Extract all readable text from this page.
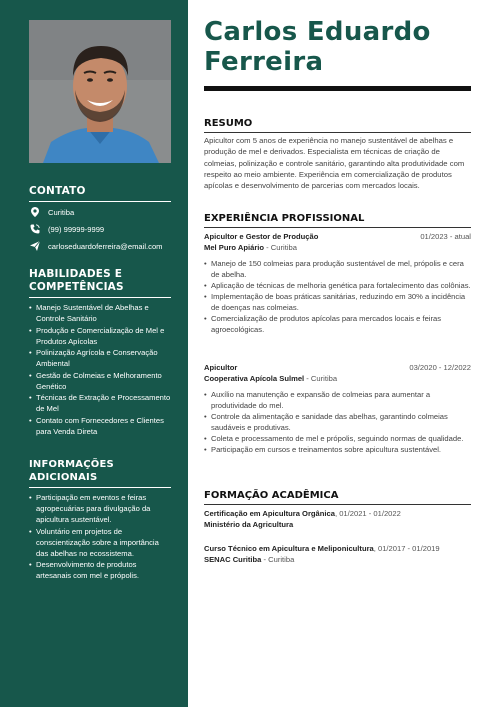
CONTATO
Curitiba
(99) 99999-9999
carloseduardoferreira@email.com
HABILIDADES E
COMPETÊNCIAS
• Manejo Sustentável de Abelhas e Controle Sanitário
• Produção e Comercialização de Mel e Produtos Apícolas
• Polinização Agrícola e Conservação Ambiental
• Gestão de Colmeias e Melhoramento Genético
• Técnicas de Extração e Processamento de Mel
• Contato com Fornecedores e Clientes para Venda Direta
INFORMAÇÕES ADICIONAIS
• Participação em eventos e feiras agropecuárias para divulgação da apicultura sustentável.
• Voluntário em projetos de conscientização sobre a importância das abelhas no ecossistema.
• Desenvolvimento de produtos artesanais com mel e própolis.
Carlos Eduardo
Ferreira
RESUMO
Apicultor com 5 anos de experiência no manejo sustentável de abelhas e produção de mel e derivados. Especialista em técnicas de criação de colmeias, polinização e controle sanitário, garantindo alta produtividade com respeito ao meio ambiente. Experiência em comercialização de produtos apícolas e desenvolvimento de parcerias com mercados locais.
EXPERIÊNCIA PROFISSIONAL
Apicultor e Gestor de Produção	01/2023 - atual
Mel Puro Apiário - Curitiba
• Manejo de 150 colmeias para produção sustentável de mel, própolis e cera de abelha.
• Aplicação de técnicas de melhoria genética para fortalecimento das colônias.
• Implementação de boas práticas sanitárias, reduzindo em 30% a incidência de doenças nas colmeias.
• Comercialização de produtos apícolas para mercados locais e feiras agroecológicas.
Apicultor	03/2020 - 12/2022
Cooperativa Apícola Sulmel - Curitiba
• Auxílio na manutenção e expansão de colmeias para aumentar a produtividade do mel.
• Controle da alimentação e sanidade das abelhas, garantindo colmeias saudáveis e produtivas.
• Coleta e processamento de mel e própolis, seguindo normas de qualidade.
• Participação em cursos e treinamentos sobre apicultura sustentável.
FORMAÇÃO ACADÊMICA
Certificação em Apicultura Orgânica, 01/2021 - 01/2022
Ministério da Agricultura
Curso Técnico em Apicultura e Meliponicultura, 01/2017 - 01/2019
SENAC Curitiba - Curitiba
